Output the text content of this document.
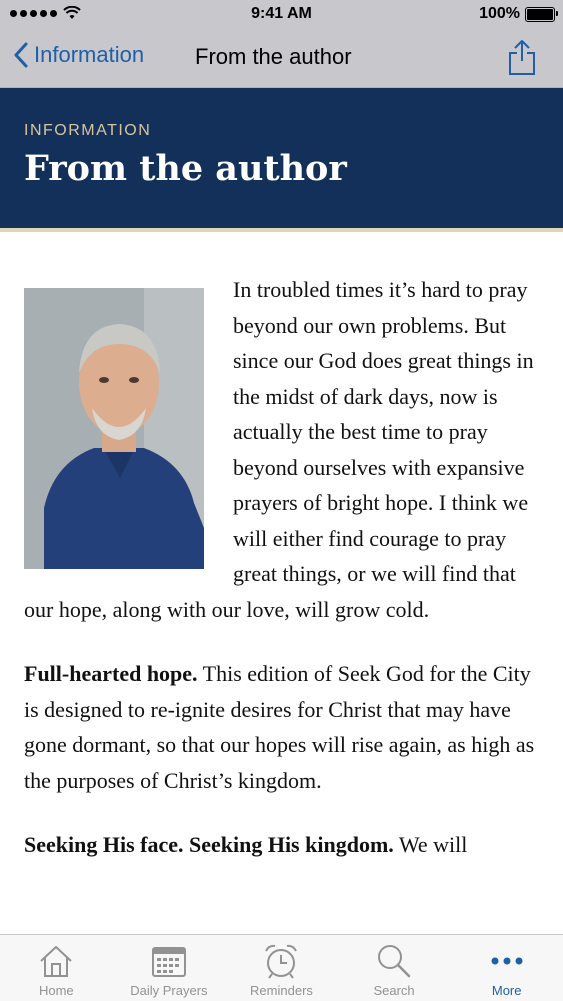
9:41 AM	100%
Information From the author
INFORMATION
From the author

In troubled times it’s hard to pray beyond our own problems. But since our God does great things in the midst of dark days, now is actually the best time to pray beyond ourselves with expansive prayers of bright hope. I think we will either find courage to pray great things, or we will find that our hope, along with our love, will grow cold.

Full-hearted hope. This edition of Seek God for the City is designed to re-ignite desires for Christ that may have gone dormant, so that our hopes will rise again, as high as the purposes of Christ’s kingdom.

Seeking His face. Seeking His kingdom. We will

Home	Daily Prayers	Reminders	Search	More
